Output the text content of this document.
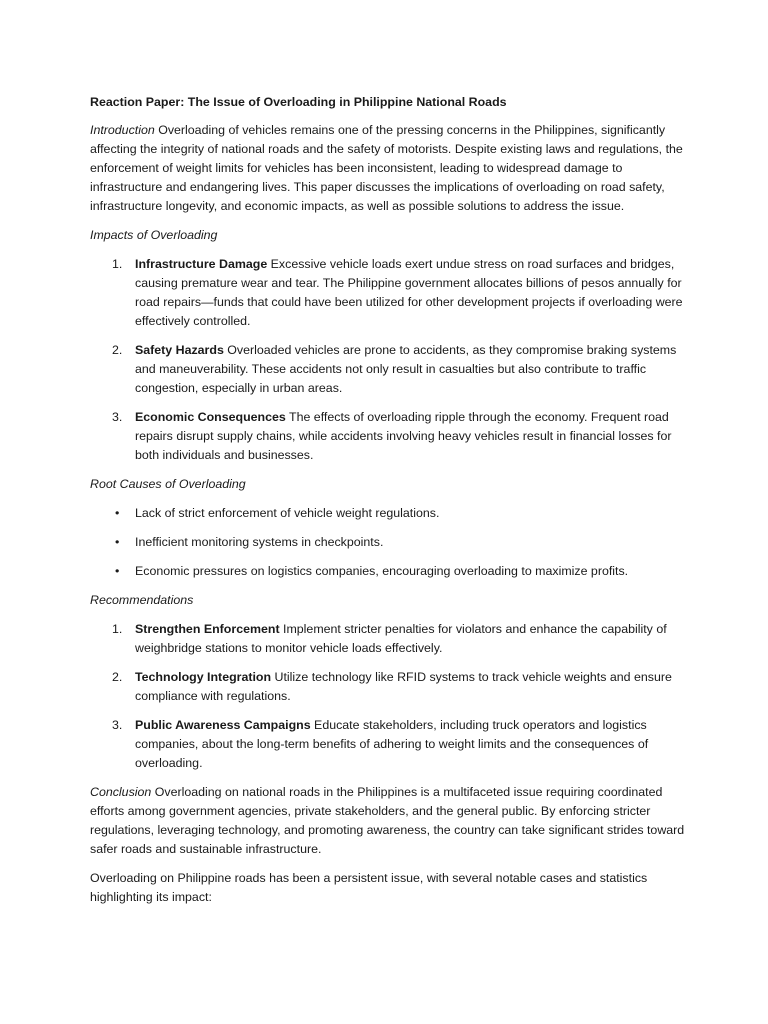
Reaction Paper: The Issue of Overloading in Philippine National Roads

Introduction Overloading of vehicles remains one of the pressing concerns in the Philippines, significantly affecting the integrity of national roads and the safety of motorists. Despite existing laws and regulations, the enforcement of weight limits for vehicles has been inconsistent, leading to widespread damage to infrastructure and endangering lives. This paper discusses the implications of overloading on road safety, infrastructure longevity, and economic impacts, as well as possible solutions to address the issue.

Impacts of Overloading

1. Infrastructure Damage Excessive vehicle loads exert undue stress on road surfaces and bridges, causing premature wear and tear. The Philippine government allocates billions of pesos annually for road repairs—funds that could have been utilized for other development projects if overloading were effectively controlled.
2. Safety Hazards Overloaded vehicles are prone to accidents, as they compromise braking systems and maneuverability. These accidents not only result in casualties but also contribute to traffic congestion, especially in urban areas.
3. Economic Consequences The effects of overloading ripple through the economy. Frequent road repairs disrupt supply chains, while accidents involving heavy vehicles result in financial losses for both individuals and businesses.

Root Causes of Overloading

• Lack of strict enforcement of vehicle weight regulations.
• Inefficient monitoring systems in checkpoints.
• Economic pressures on logistics companies, encouraging overloading to maximize profits.

Recommendations

1. Strengthen Enforcement Implement stricter penalties for violators and enhance the capability of weighbridge stations to monitor vehicle loads effectively.
2. Technology Integration Utilize technology like RFID systems to track vehicle weights and ensure compliance with regulations.
3. Public Awareness Campaigns Educate stakeholders, including truck operators and logistics companies, about the long-term benefits of adhering to weight limits and the consequences of overloading.

Conclusion Overloading on national roads in the Philippines is a multifaceted issue requiring coordinated efforts among government agencies, private stakeholders, and the general public. By enforcing stricter regulations, leveraging technology, and promoting awareness, the country can take significant strides toward safer roads and sustainable infrastructure.

Overloading on Philippine roads has been a persistent issue, with several notable cases and statistics highlighting its impact:
